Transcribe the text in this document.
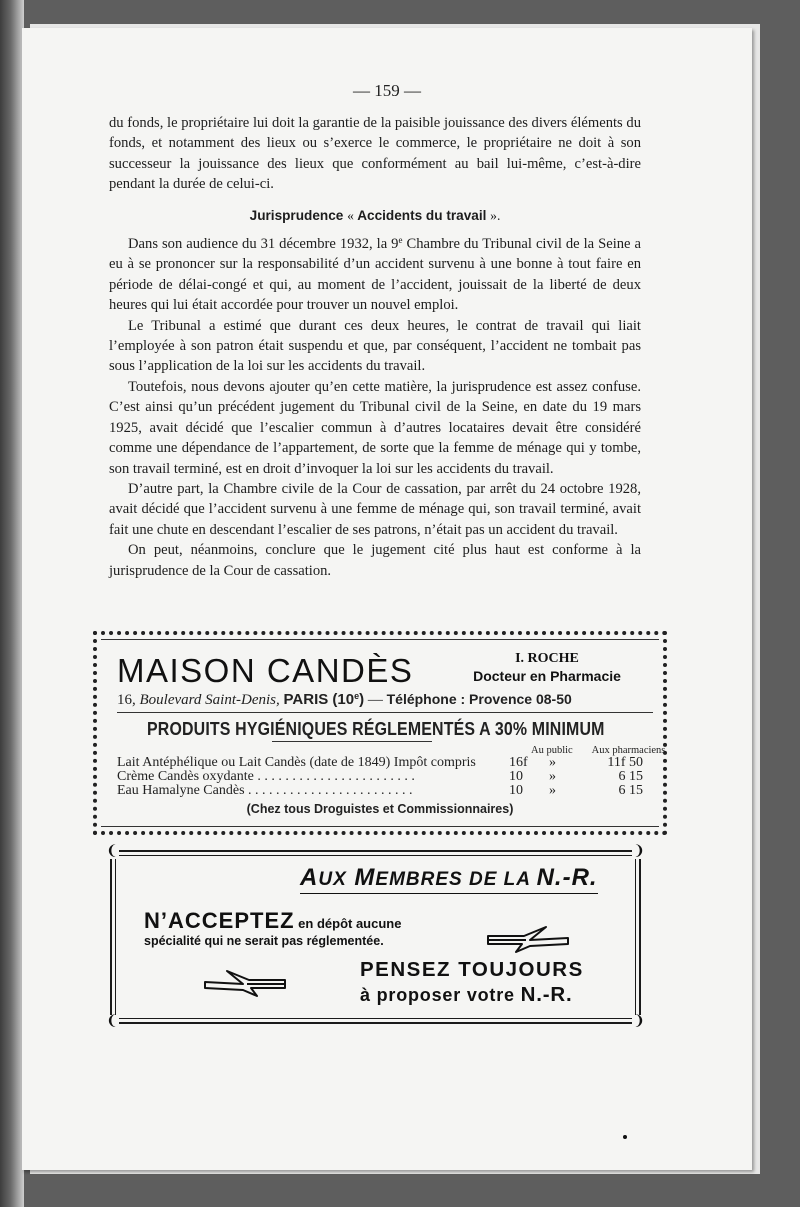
— 159 —

du fonds, le propriétaire lui doit la garantie de la paisible jouissance des divers éléments du fonds, et notamment des lieux ou s’exerce le commerce, le propriétaire ne doit à son successeur la jouissance des lieux que conformément au bail lui-même, c’est-à-dire pendant la durée de celui-ci.

Jurisprudence « Accidents du travail ».

Dans son audience du 31 décembre 1932, la 9e Chambre du Tribunal civil de la Seine a eu à se prononcer sur la responsabilité d’un accident survenu à une bonne à tout faire en période de délai-congé et qui, au moment de l’accident, jouissait de la liberté de deux heures qui lui était accordée pour trouver un nouvel emploi.

Le Tribunal a estimé que durant ces deux heures, le contrat de travail qui liait l’employée à son patron était suspendu et que, par conséquent, l’accident ne tombait pas sous l’application de la loi sur les accidents du travail.

Toutefois, nous devons ajouter qu’en cette matière, la jurisprudence est assez confuse. C’est ainsi qu’un précédent jugement du Tribunal civil de la Seine, en date du 19 mars 1925, avait décidé que l’escalier commun à d’autres locataires devait être considéré comme une dépendance de l’appartement, de sorte que la femme de ménage qui y tombe, son travail terminé, est en droit d’invoquer la loi sur les accidents du travail.

D’autre part, la Chambre civile de la Cour de cassation, par arrêt du 24 octobre 1928, avait décidé que l’accident survenu à une femme de ménage qui, son travail terminé, avait fait une chute en descendant l’escalier de ses patrons, n’était pas un accident du travail.

On peut, néanmoins, conclure que le jugement cité plus haut est conforme à la jurisprudence de la Cour de cassation.

MAISON CANDÈS	I. ROCHE
Docteur en Pharmacie
16, Boulevard Saint-Denis, PARIS (10e) — Téléphone : Provence 08-50
PRODUITS HYGIÉNIQUES RÉGLEMENTÉS A 30% MINIMUM
Au public Aux pharmaciens
Lait Antéphélique ou Lait Candès (date de 1849) Impôt compris	16f	»	11f 50
Crème Candès oxydante . . . . . . . . . . . . . . . . . . . . . . .	10	»	6 15
Eau Hamalyne Candès . . . . . . . . . . . . . . . . . . . . . . . .	10	»	6 15
(Chez tous Droguistes et Commissionnaires)
❨	❩
❨	❩
AUX MEMBRES DE LA N.-R.
N’ACCEPTEZ en dépôt aucune
spécialité qui ne serait pas réglementée.
PENSEZ TOUJOURS
à proposer votre N.-R.
